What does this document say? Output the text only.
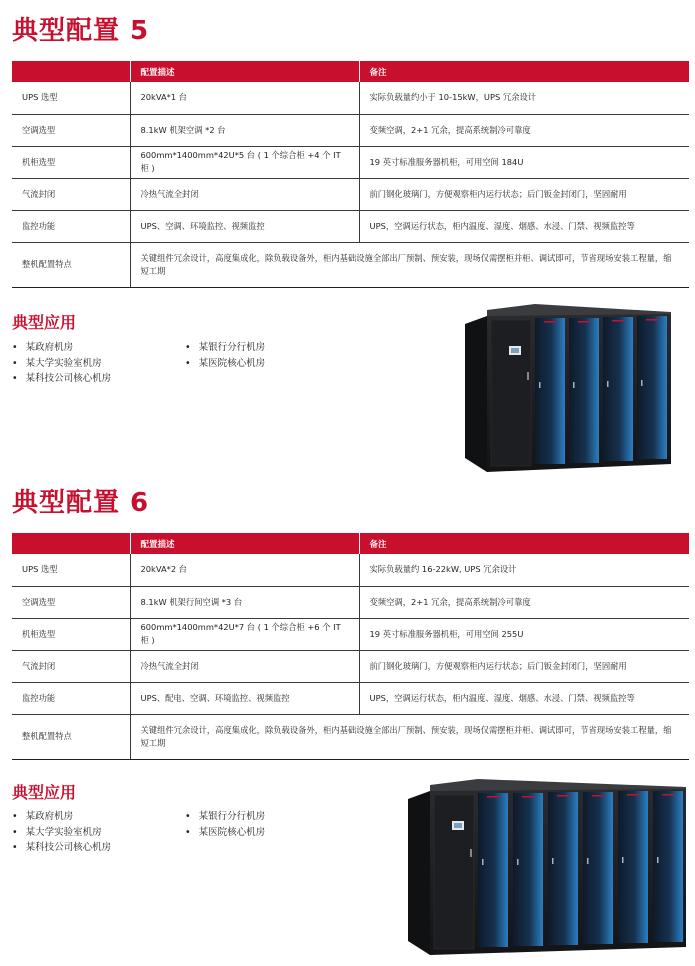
典型配置 5
	配置描述	备注
UPS 选型	20kVA*1 台	实际负载量约小于 10-15kW，UPS 冗余设计
空调选型	8.1kW 机架空调 *2 台	变频空调，2+1 冗余，提高系统制冷可靠度
机柜选型	600mm*1400mm*42U*5 台 ( 1 个综合柜 +4 个 IT 柜 )	19 英寸标准服务器机柜，可用空间 184U
气流封闭	冷热气流全封闭	前门钢化玻璃门，方便观察柜内运行状态；后门钣金封闭门，坚固耐用
监控功能	UPS、空调、环境监控、视频监控	UPS，空调运行状态，柜内温度、湿度、烟感、水浸、门禁、视频监控等
整机配置特点	关键组件冗余设计，高度集成化，除负载设备外，柜内基础设施全部出厂预制、预安装，现场仅需摆柜并柜、调试即可，节省现场安装工程量，缩短工期	
典型应用
• 某政府机房
• 某大学实验室机房
• 某科技公司核心机房
• 某银行分行机房
• 某医院核心机房
典型配置 6
	配置描述	备注
UPS 选型	20kVA*2 台	实际负载量约 16-22kW, UPS 冗余设计
空调选型	8.1kW 机架行间空调 *3 台	变频空调，2+1 冗余，提高系统制冷可靠度
机柜选型	600mm*1400mm*42U*7 台 ( 1 个综合柜 +6 个 IT 柜 )	19 英寸标准服务器机柜，可用空间 255U
气流封闭	冷热气流全封闭	前门钢化玻璃门，方便观察柜内运行状态；后门钣金封闭门，坚固耐用
监控功能	UPS、配电、空调、环境监控、视频监控	UPS，空调运行状态，柜内温度、湿度、烟感、水浸、门禁、视频监控等
整机配置特点	关键组件冗余设计，高度集成化，除负载设备外，柜内基础设施全部出厂预制、预安装，现场仅需摆柜并柜、调试即可，节省现场安装工程量，缩短工期	
典型应用
• 某政府机房
• 某大学实验室机房
• 某科技公司核心机房
• 某银行分行机房
• 某医院核心机房
